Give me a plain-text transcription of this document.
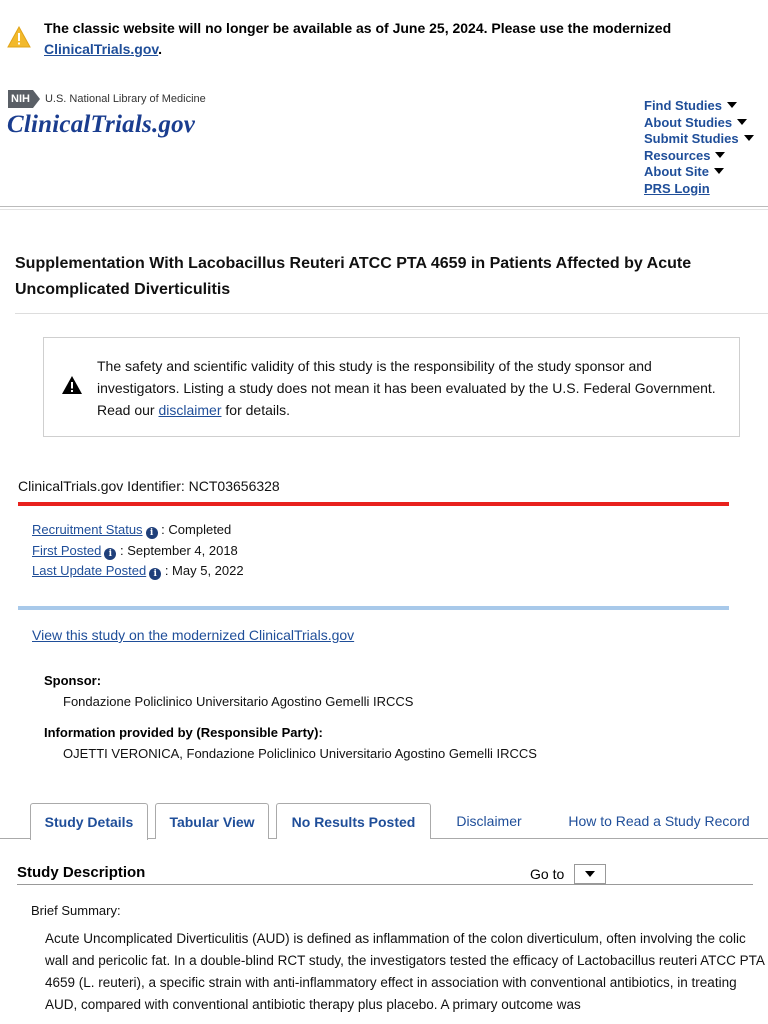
The classic website will no longer be available as of June 25, 2024. Please use the modernized ClinicalTrials.gov.
NIH U.S. National Library of Medicine
ClinicalTrials.gov
Find Studies
About Studies
Submit Studies
Resources
About Site
PRS Login
Supplementation With Lacobacillus Reuteri ATCC PTA 4659 in Patients Affected by Acute Uncomplicated Diverticulitis
The safety and scientific validity of this study is the responsibility of the study sponsor and investigators. Listing a study does not mean it has been evaluated by the U.S. Federal Government. Read our disclaimer for details.
ClinicalTrials.gov Identifier: NCT03656328
Recruitment Status i : Completed
First Posted i : September 4, 2018
Last Update Posted i : May 5, 2022
View this study on the modernized ClinicalTrials.gov
Sponsor:
Fondazione Policlinico Universitario Agostino Gemelli IRCCS
Information provided by (Responsible Party):
OJETTI VERONICA, Fondazione Policlinico Universitario Agostino Gemelli IRCCS
Study Details	Tabular View	No Results Posted	Disclaimer	How to Read a Study Record
Study Description	Go to
Brief Summary:
Acute Uncomplicated Diverticulitis (AUD) is defined as inflammation of the colon diverticulum, often involving the colic wall and pericolic fat. In a double-blind RCT study, the investigators tested the efficacy of Lactobacillus reuteri ATCC PTA 4659 (L. reuteri), a specific strain with anti-inflammatory effect in association with conventional antibiotics, in treating AUD, compared with conventional antibiotic therapy plus placebo. A primary outcome was
